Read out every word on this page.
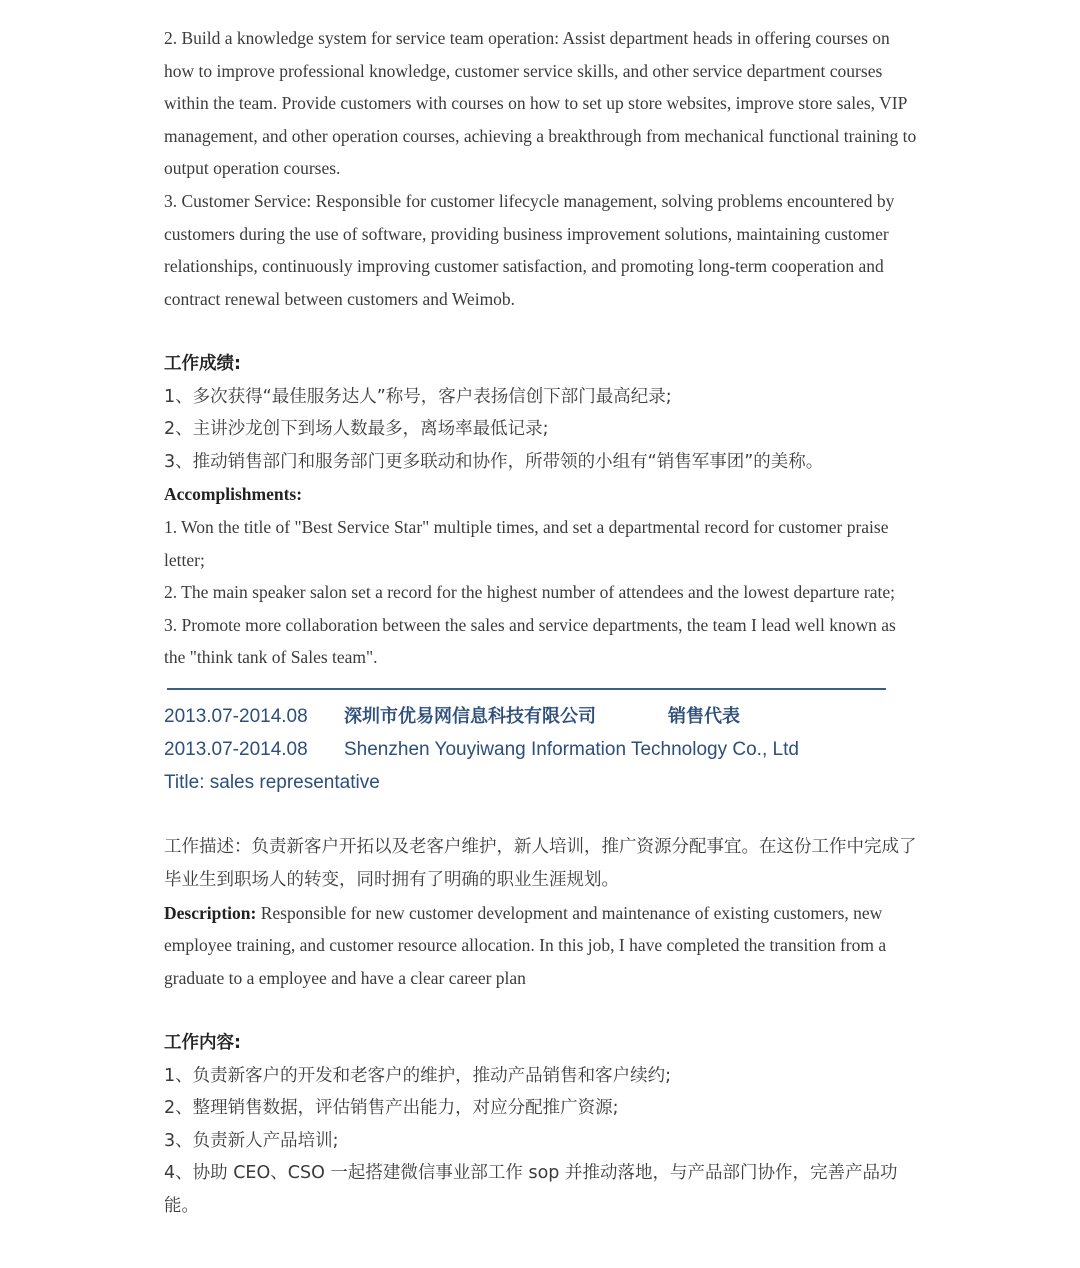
2. Build a knowledge system for service team operation: Assist department heads in offering courses on how to improve professional knowledge, customer service skills, and other service department courses within the team. Provide customers with courses on how to set up store websites, improve store sales, VIP management, and other operation courses, achieving a breakthrough from mechanical functional training to output operation courses.

3. Customer Service: Responsible for customer lifecycle management, solving problems encountered by customers during the use of software, providing business improvement solutions, maintaining customer relationships, continuously improving customer satisfaction, and promoting long-term cooperation and contract renewal between customers and Weimob.

工作成绩:

1、多次获得“最佳服务达人”称号，客户表扬信创下部门最高纪录;

2、主讲沙龙创下到场人数最多，离场率最低记录;

3、推动销售部门和服务部门更多联动和协作，所带领的小组有“销售军事团”的美称。

Accomplishments:

1. Won the title of "Best Service Star" multiple times, and set a departmental record for customer praise letter;

2. The main speaker salon set a record for the highest number of attendees and the lowest departure rate;

3. Promote more collaboration between the sales and service departments, the team I lead well known as the "think tank of Sales team".

2013.07-2014.08 深圳市优易网信息科技有限公司	销售代表

2013.07-2014.08 Shenzhen Youyiwang Information Technology Co., Ltd

Title: sales representative

工作描述：负责新客户开拓以及老客户维护，新人培训，推广资源分配事宜。在这份工作中完成了毕业生到职场人的转变，同时拥有了明确的职业生涯规划。

Description: Responsible for new customer development and maintenance of existing customers, new employee training, and customer resource allocation. In this job, I have completed the transition from a graduate to a employee and have a clear career plan

工作内容:

1、负责新客户的开发和老客户的维护，推动产品销售和客户续约;

2、整理销售数据，评估销售产出能力，对应分配推广资源;

3、负责新人产品培训;

4、协助 CEO、CSO 一起搭建微信事业部工作 sop 并推动落地，与产品部门协作，完善产品功能。
